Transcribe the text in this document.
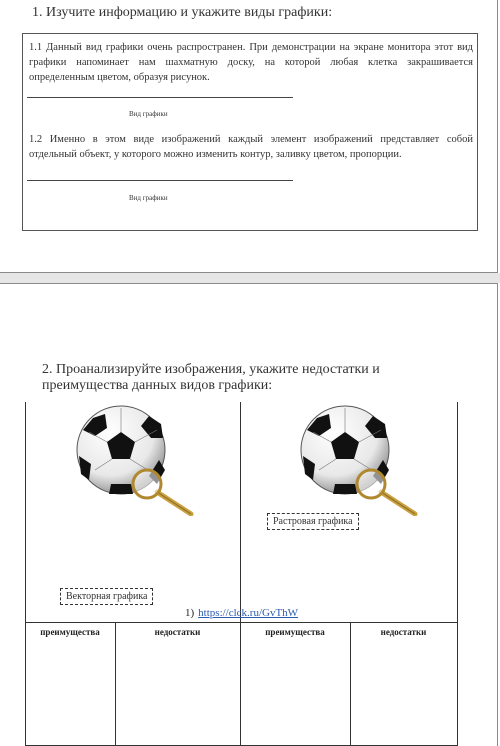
1. Изучите информацию и укажите виды графики:
1.1 Данный вид графики очень распространен. При демонстрации на экране монитора этот вид графики напоминает нам шахматную доску, на которой любая клетка закрашивается определенным цветом, образуя рисунок.
Вид графики
1.2 Именно в этом виде изображений каждый элемент изображений представляет собой отдельный объект, у которого можно изменить контур, заливку цветом, пропорции.
Вид графики
2. Проанализируйте изображения, укажите недостатки и преимущества данных видов графики:
Растровая графика
Векторная графика
1) https://clck.ru/GvThW
преимущества	недостатки	преимущества	недостатки
